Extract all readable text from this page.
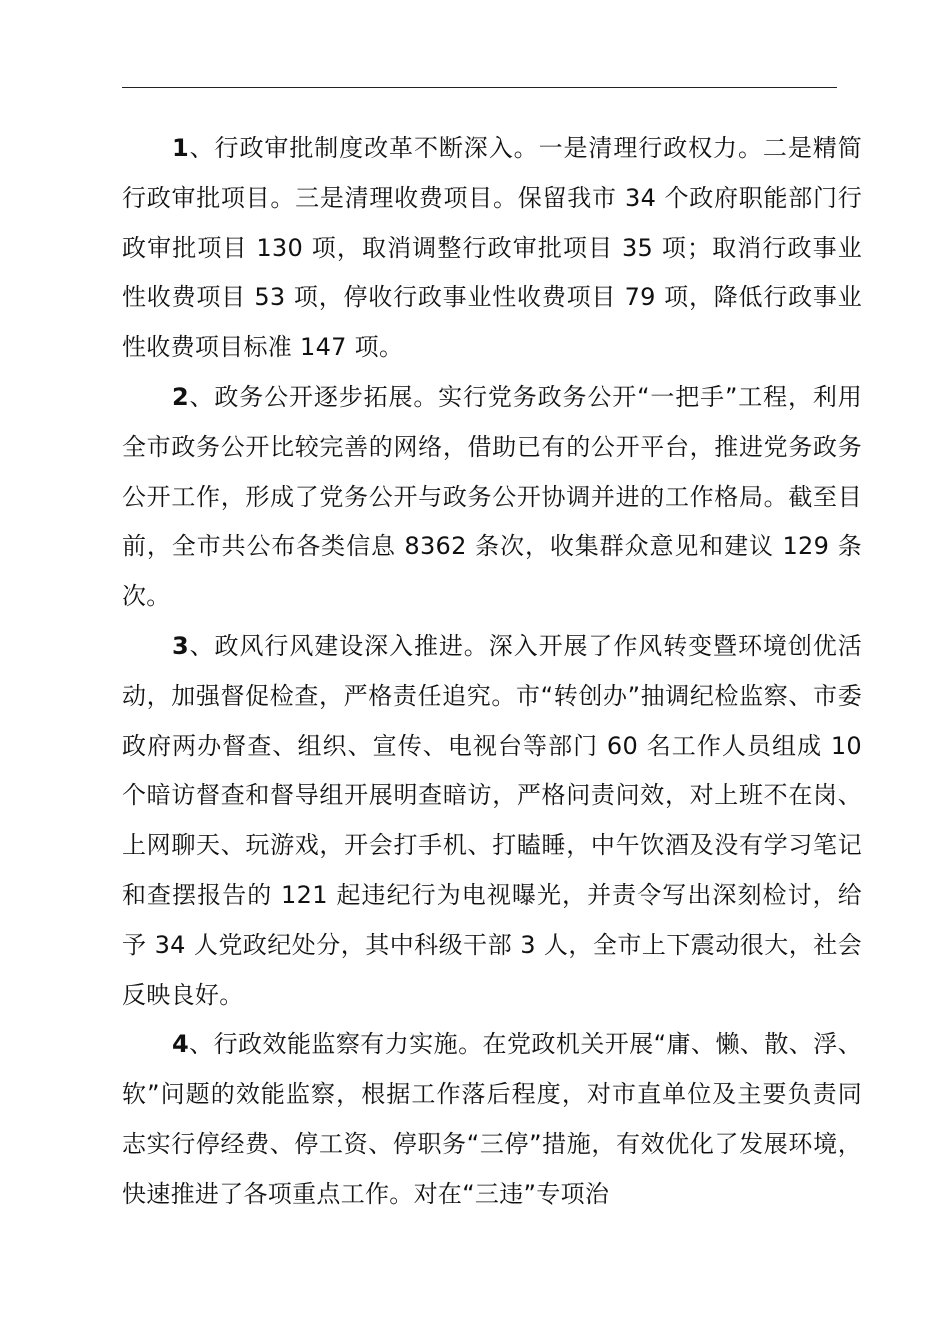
1、行政审批制度改革不断深入。一是清理行政权力。二是精简行政审批项目。三是清理收费项目。保留我市 34 个政府职能部门行政审批项目 130 项，取消调整行政审批项目 35 项；取消行政事业性收费项目 53 项，停收行政事业性收费项目 79 项，降低行政事业性收费项目标准 147 项。

2、政务公开逐步拓展。实行党务政务公开“一把手”工程，利用全市政务公开比较完善的网络，借助已有的公开平台，推进党务政务公开工作，形成了党务公开与政务公开协调并进的工作格局。截至目前，全市共公布各类信息 8362 条次，收集群众意见和建议 129 条次。

3、政风行风建设深入推进。深入开展了作风转变暨环境创优活动，加强督促检查，严格责任追究。市“转创办”抽调纪检监察、市委政府两办督查、组织、宣传、电视台等部门 60 名工作人员组成 10 个暗访督查和督导组开展明查暗访，严格问责问效，对上班不在岗、上网聊天、玩游戏，开会打手机、打瞌睡，中午饮酒及没有学习笔记和查摆报告的 121 起违纪行为电视曝光，并责令写出深刻检讨，给予 34 人党政纪处分，其中科级干部 3 人，全市上下震动很大，社会反映良好。

4、行政效能监察有力实施。在党政机关开展“庸、懒、散、浮、软”问题的效能监察，根据工作落后程度，对市直单位及主要负责同志实行停经费、停工资、停职务“三停”措施，有效优化了发展环境，快速推进了各项重点工作。对在“三违”专项治
